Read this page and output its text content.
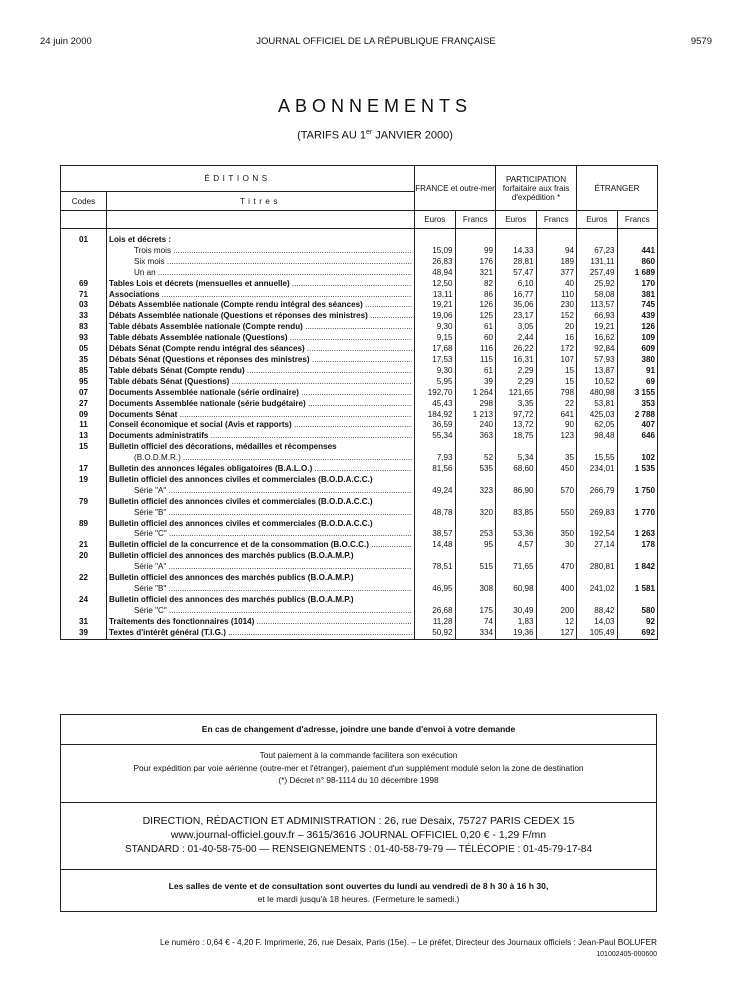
24 juin 2000	JOURNAL OFFICIEL DE LA RÉPUBLIQUE FRANÇAISE	9579
ABONNEMENTS
(TARIFS AU 1er JANVIER 2000)
ÉDITIONS		FRANCE et outre-mer		PARTICIPATION forfaitaire aux frais d'expédition *		ÉTRANGER	
Codes	Titres						
		Euros	Francs	Euros	Francs	Euros	Francs

01	Lois et décrets :						

	Trois mois .....	15,09	99	14,33	94	67,23	441

	Six mois .....	26,83	176	28,81	189	131,11	860

	Un an .....	48,94	321	57,47	377	257,49	1 689
69	Tables Lois et décrets (mensuelles et annuelle) .....	12,50	82	6,10	40	25,92	170
71	Associations .....	13,11	86	16,77	110	58,08	381
03	Débats Assemblée nationale (Compte rendu intégral des séances) .....	19,21	126	35,06	230	113,57	745
33	Débats Assemblée nationale (Questions et réponses des ministres) .....	19,06	125	23,17	152	66,93	439
83	Table débats Assemblée nationale (Compte rendu) .....	9,30	61	3,05	20	19,21	126
93	Table débats Assemblée nationale (Questions) .....	9,15	60	2,44	16	16,62	109
05	Débats Sénat (Compte rendu intégral des séances) .....	17,68	116	26,22	172	92,84	609
35	Débats Sénat (Questions et réponses des ministres) .....	17,53	115	16,31	107	57,93	380
85	Table débats Sénat (Compte rendu) .....	9,30	61	2,29	15	13,87	91
95	Table débats Sénat (Questions) .....	5,95	39	2,29	15	10,52	69
07	Documents Assemblée nationale (série ordinaire) .....	192,70	1 264	121,65	798	480,98	3 155
27	Documents Assemblée nationale (série budgétaire) .....	45,43	298	3,35	22	53,81	353
09	Documents Sénat .....	184,92	1 213	97,72	641	425,03	2 788
11	Conseil économique et social (Avis et rapports) .....	36,59	240	13,72	90	62,05	407
13	Documents administratifs .....	55,34	363	18,75	123	98,48	646
15	Bulletin officiel des décorations, médailles et récompenses						

	(B.O.D.M.R.) .....	7,93	52	5,34	35	15,55	102
17	Bulletin des annonces légales obligatoires (B.A.L.O.) .....	81,56	535	68,60	450	234,01	1 535
19	Bulletin officiel des annonces civiles et commerciales (B.O.D.A.C.C.)						

	Série "A" .....	49,24	323	86,90	570	266,79	1 750
79	Bulletin officiel des annonces civiles et commerciales (B.O.D.A.C.C.)						

	Série "B" .....	48,78	320	83,85	550	269,83	1 770
89	Bulletin officiel des annonces civiles et commerciales (B.O.D.A.C.C.)						

	Série "C" .....	38,57	253	53,36	350	192,54	1 263
21	Bulletin officiel de la concurrence et de la consommation (B.O.C.C.) .....	14,48	95	4,57	30	27,14	178
20	Bulletin officiel des annonces des marchés publics (B.O.A.M.P.)						

	Série "A" .....	78,51	515	71,65	470	280,81	1 842
22	Bulletin officiel des annonces des marchés publics (B.O.A.M.P.)						

	Série "B" .....	46,95	308	60,98	400	241,02	1 581
24	Bulletin officiel des annonces des marchés publics (B.O.A.M.P.)						

	Série "C" .....	26,68	175	30,49	200	88,42	580
31	Traitements des fonctionnaires (1014) .....	11,28	74	1,83	12	14,03	92
39	Textes d'intérêt général (T.I.G.) .....	50,92	334	19,36	127	105,49	692
En cas de changement d'adresse, joindre une bande d'envoi à votre demande
Tout paiement à la commande facilitera son exécution
Pour expédition par voie aérienne (outre-mer et l'étranger), paiement d'un supplément modulé selon la zone de destination
(*) Décret n° 98-1114 du 10 décembre 1998
DIRECTION, RÉDACTION ET ADMINISTRATION : 26, rue Desaix, 75727 PARIS CEDEX 15
www.journal-officiel.gouv.fr – 3615/3616 JOURNAL OFFICIEL 0,20 € - 1,29 F/mn
STANDARD : 01-40-58-75-00 — RENSEIGNEMENTS : 01-40-58-79-79 — TÉLÉCOPIE : 01-45-79-17-84
Les salles de vente et de consultation sont ouvertes du lundi au vendredi de 8 h 30 à 16 h 30,
et le mardi jusqu'à 18 heures. (Fermeture le samedi.)
Le numéro : 0,64 € - 4,20 F. Imprimerie, 26, rue Desaix, Paris (15e). – Le préfet, Directeur des Journaux officiels : Jean-Paul BOLUFER
101002405-000600
